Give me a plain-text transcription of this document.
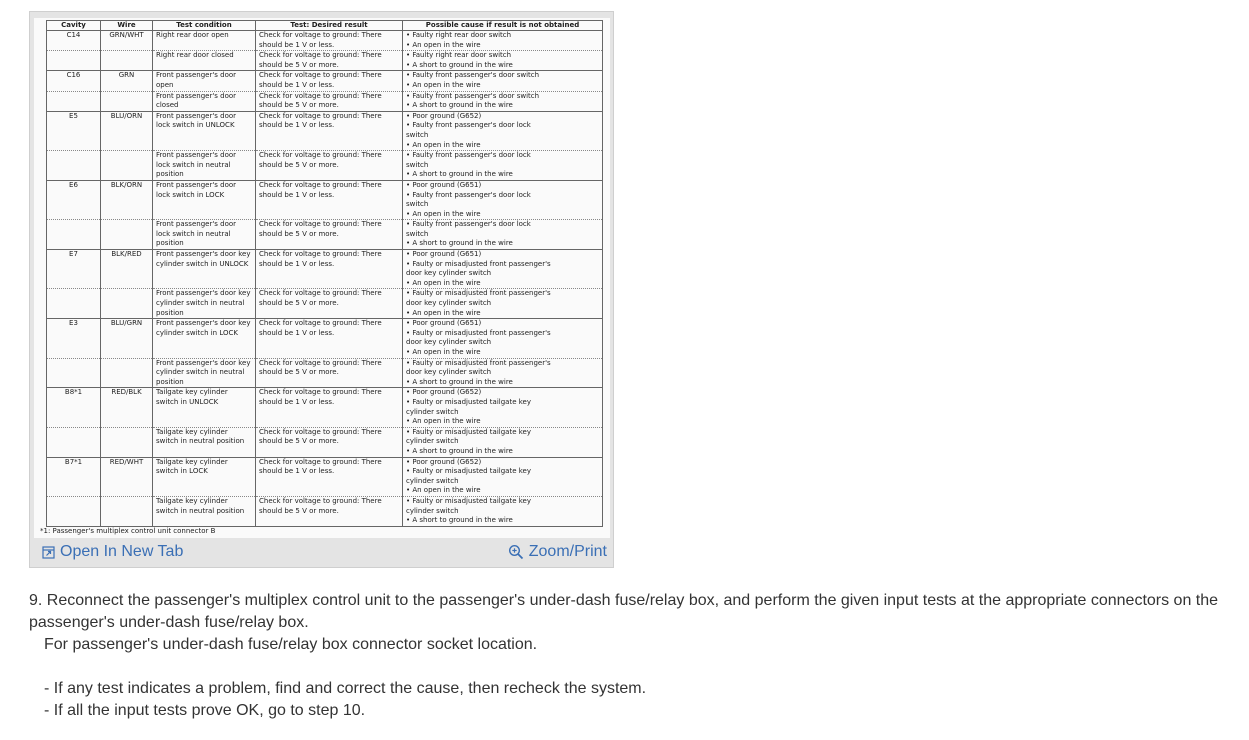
Cavity	Wire	Test condition	Test: Desired result	Possible cause if result is not obtained
C14	GRN/WHT	Right rear door open	Check for voltage to ground: There should be 1 V or less.	• Faulty right rear door switch
• An open in the wire

		Right rear door closed	Check for voltage to ground: There should be 5 V or more.	• Faulty right rear door switch
• A short to ground in the wire

C16	GRN	Front passenger's door open	Check for voltage to ground: There should be 1 V or less.	• Faulty front passenger's door switch
• An open in the wire

		Front passenger's door closed	Check for voltage to ground: There should be 5 V or more.	• Faulty front passenger's door switch
• A short to ground in the wire

E5	BLU/ORN	Front passenger's door lock switch in UNLOCK	Check for voltage to ground: There should be 1 V or less.	• Poor ground (G652)
• Faulty front passenger's door lock
switch
• An open in the wire

		Front passenger's door lock switch in neutral position	Check for voltage to ground: There should be 5 V or more.	• Faulty front passenger's door lock
switch
• A short to ground in the wire

E6	BLK/ORN	Front passenger's door lock switch in LOCK	Check for voltage to ground: There should be 1 V or less.	• Poor ground (G651)
• Faulty front passenger's door lock
switch
• An open in the wire

		Front passenger's door lock switch in neutral position	Check for voltage to ground: There should be 5 V or more.	• Faulty front passenger's door lock
switch
• A short to ground in the wire

E7	BLK/RED	Front passenger's door key cylinder switch in UNLOCK	Check for voltage to ground: There should be 1 V or less.	• Poor ground (G651)
• Faulty or misadjusted front passenger's
door key cylinder switch
• An open in the wire

		Front passenger's door key cylinder switch in neutral position	Check for voltage to ground: There should be 5 V or more.	• Faulty or misadjusted front passenger's
door key cylinder switch
• An open in the wire

E3	BLU/GRN	Front passenger's door key cylinder switch in LOCK	Check for voltage to ground: There should be 1 V or less.	• Poor ground (G651)
• Faulty or misadjusted front passenger's
door key cylinder switch
• An open in the wire

		Front passenger's door key cylinder switch in neutral position	Check for voltage to ground: There should be 5 V or more.	• Faulty or misadjusted front passenger's
door key cylinder switch
• A short to ground in the wire

B8*1	RED/BLK	Tailgate key cylinder switch in UNLOCK	Check for voltage to ground: There should be 1 V or less.	• Poor ground (G652)
• Faulty or misadjusted tailgate key
cylinder switch
• An open in the wire

		Tailgate key cylinder switch in neutral position	Check for voltage to ground: There should be 5 V or more.	• Faulty or misadjusted tailgate key
cylinder switch
• A short to ground in the wire

B7*1	RED/WHT	Tailgate key cylinder switch in LOCK	Check for voltage to ground: There should be 1 V or less.	• Poor ground (G652)
• Faulty or misadjusted tailgate key
cylinder switch
• An open in the wire

		Tailgate key cylinder switch in neutral position	Check for voltage to ground: There should be 5 V or more.	• Faulty or misadjusted tailgate key
cylinder switch
• A short to ground in the wire
*1: Passenger's multiplex control unit connector B
Open In New Tab	Zoom/Print

9. Reconnect the passenger's multiplex control unit to the passenger's under-dash fuse/relay box, and perform the given input tests at the appropriate connectors on the passenger's under-dash fuse/relay box.

For passenger's under-dash fuse/relay box connector socket location.

- If any test indicates a problem, find and correct the cause, then recheck the system.

- If all the input tests prove OK, go to step 10.
